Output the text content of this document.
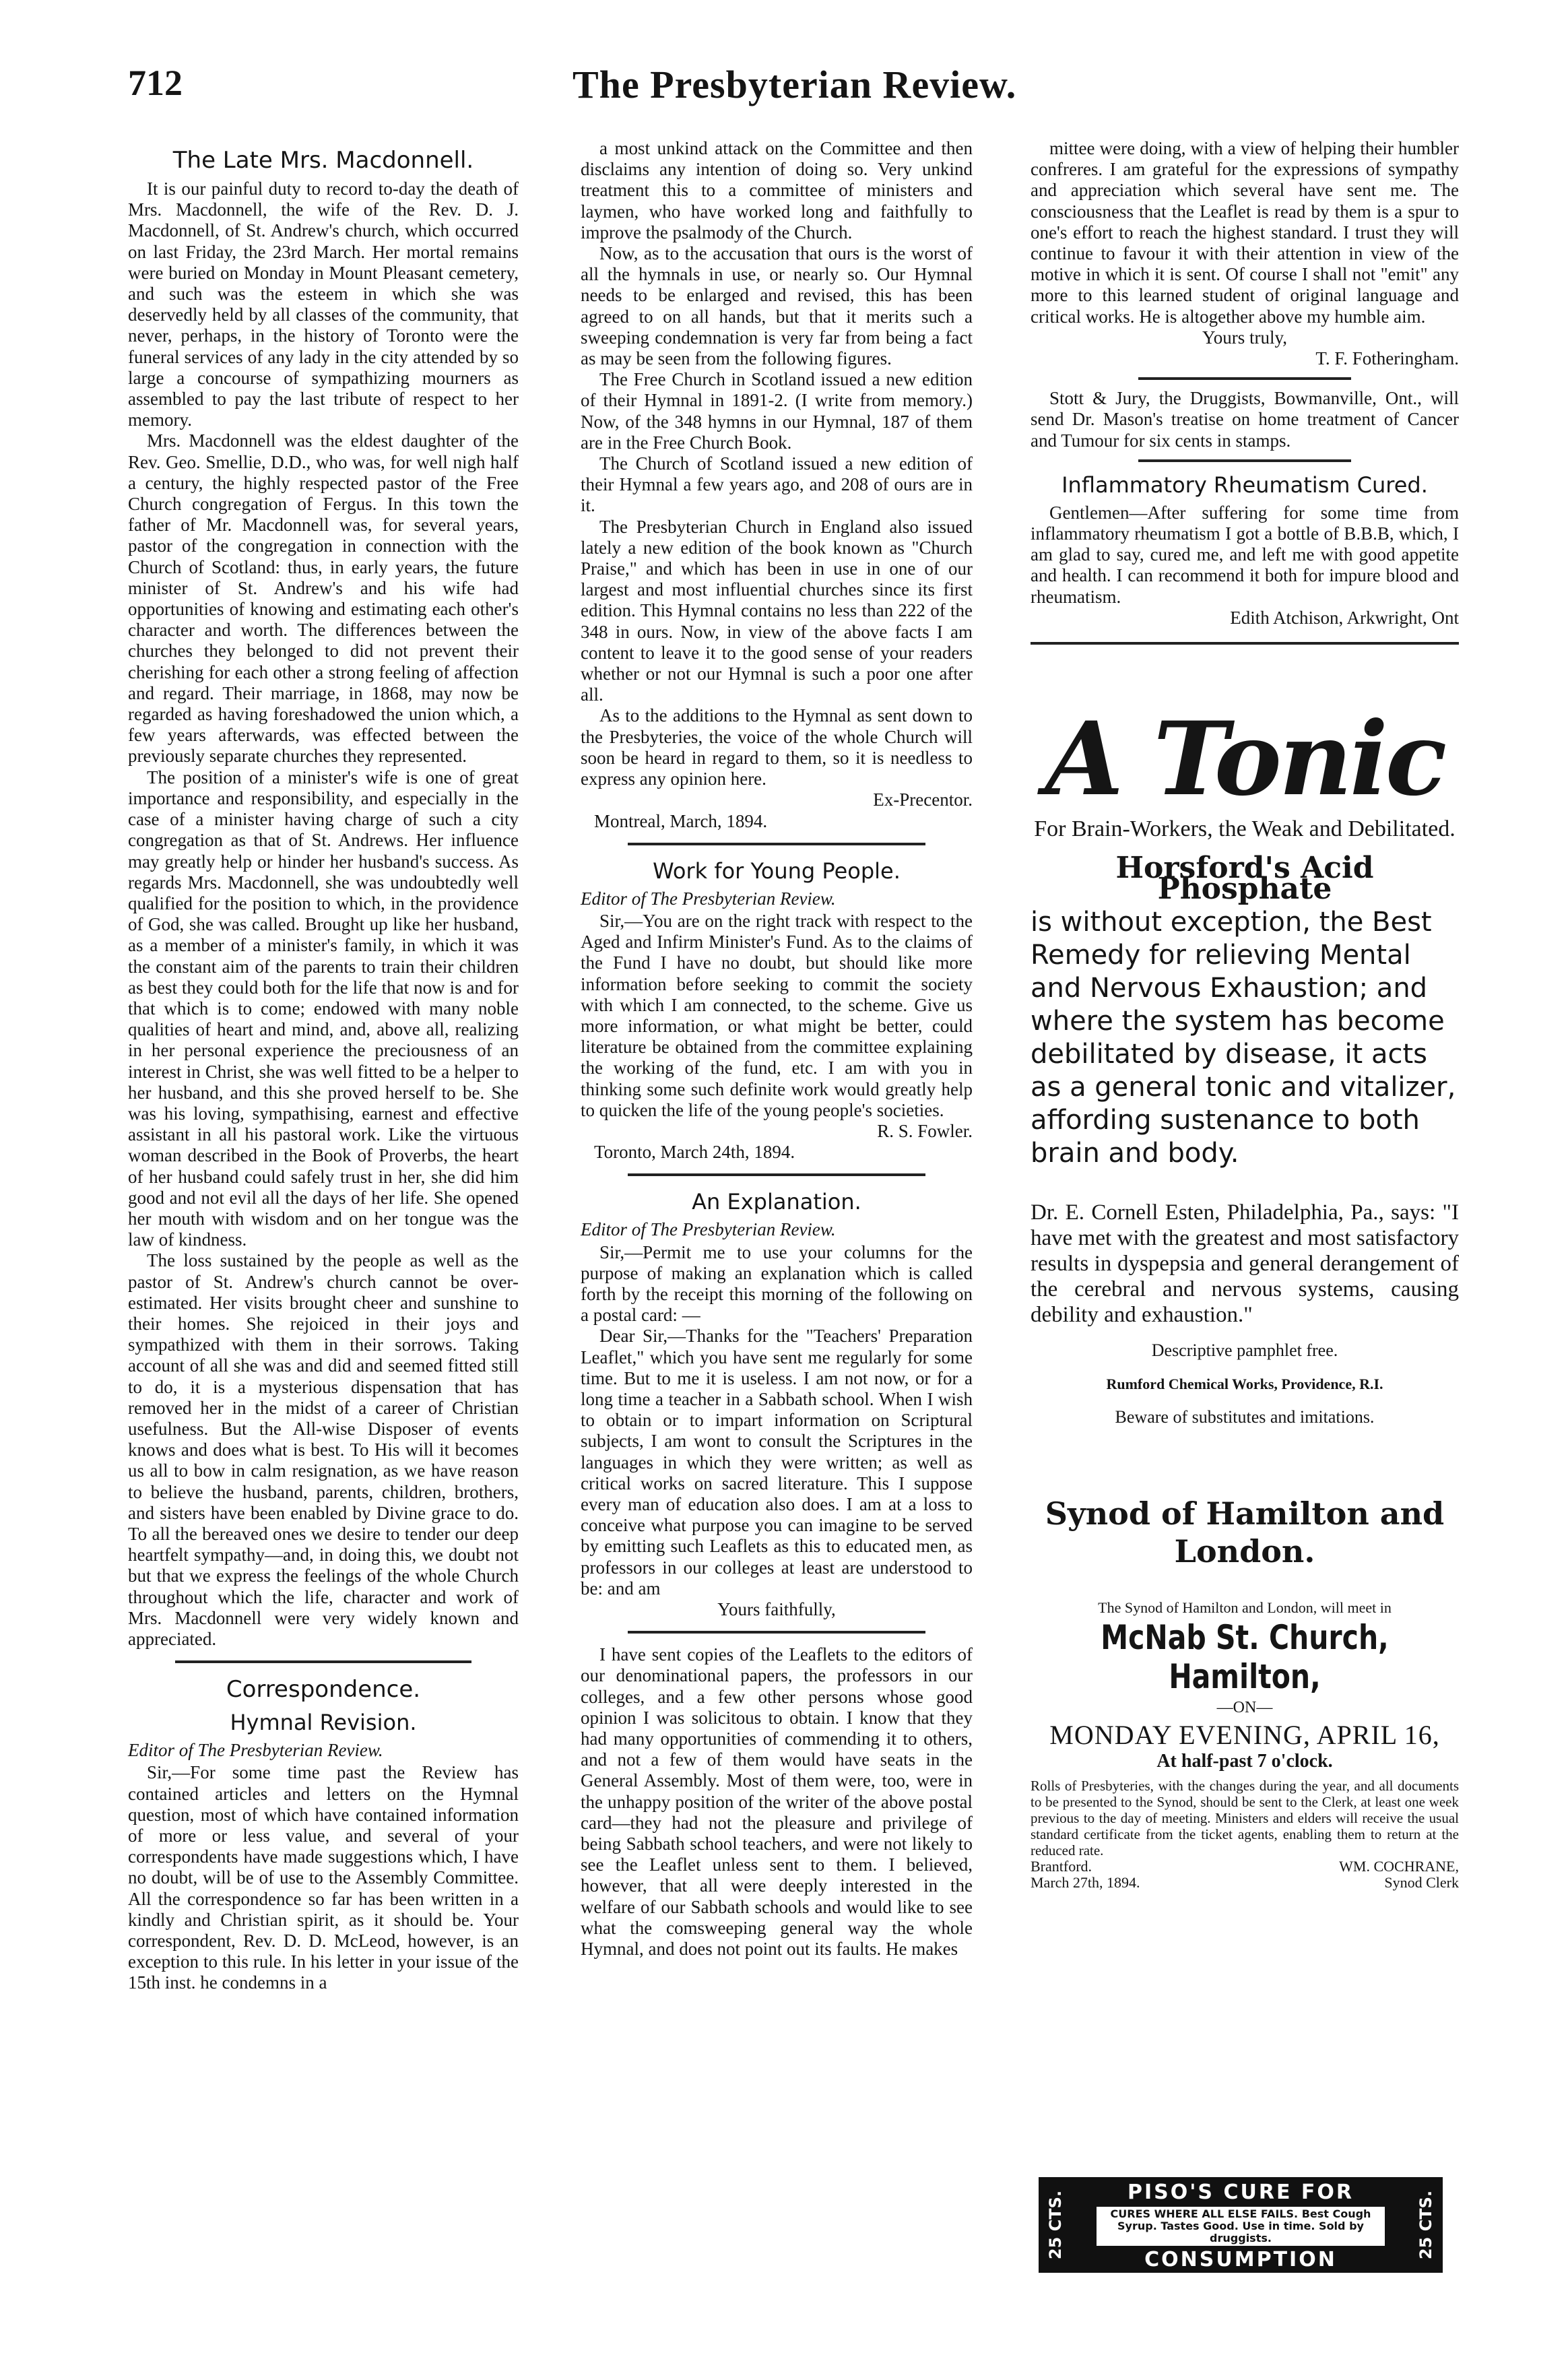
712	The Presbyterian Review.

The Late Mrs. Macdonnell.

It is our painful duty to record to-day the death of Mrs. Macdonnell, the wife of the Rev. D. J. Macdonnell, of St. Andrew's church, which occurred on last Friday, the 23rd March. Her mortal remains were buried on Monday in Mount Pleasant cemetery, and such was the esteem in which she was deservedly held by all classes of the community, that never, perhaps, in the history of Toronto were the funeral services of any lady in the city attended by so large a concourse of sympathizing mourners as assembled to pay the last tribute of respect to her memory.

Mrs. Macdonnell was the eldest daughter of the Rev. Geo. Smellie, D.D., who was, for well nigh half a century, the highly respected pastor of the Free Church congregation of Fergus. In this town the father of Mr. Macdonnell was, for several years, pastor of the congregation in connection with the Church of Scotland: thus, in early years, the future minister of St. Andrew's and his wife had opportunities of knowing and estimating each other's character and worth. The differences between the churches they belonged to did not prevent their cherishing for each other a strong feeling of affection and regard. Their marriage, in 1868, may now be regarded as having foreshadowed the union which, a few years afterwards, was effected between the previously separate churches they represented.

The position of a minister's wife is one of great importance and responsibility, and especially in the case of a minister having charge of such a city congregation as that of St. Andrews. Her influence may greatly help or hinder her husband's success. As regards Mrs. Macdonnell, she was undoubtedly well qualified for the position to which, in the providence of God, she was called. Brought up like her husband, as a member of a minister's family, in which it was the constant aim of the parents to train their children as best they could both for the life that now is and for that which is to come; endowed with many noble qualities of heart and mind, and, above all, realizing in her personal experience the preciousness of an interest in Christ, she was well fitted to be a helper to her husband, and this she proved herself to be. She was his loving, sympathising, earnest and effective assistant in all his pastoral work. Like the virtuous woman described in the Book of Proverbs, the heart of her husband could safely trust in her, she did him good and not evil all the days of her life. She opened her mouth with wisdom and on her tongue was the law of kindness.

The loss sustained by the people as well as the pastor of St. Andrew's church cannot be over-estimated. Her visits brought cheer and sunshine to their homes. She rejoiced in their joys and sympathized with them in their sorrows. Taking account of all she was and did and seemed fitted still to do, it is a mysterious dispensation that has removed her in the midst of a career of Christian usefulness. But the All-wise Disposer of events knows and does what is best. To His will it becomes us all to bow in calm resignation, as we have reason to believe the husband, parents, children, brothers, and sisters have been enabled by Divine grace to do. To all the bereaved ones we desire to tender our deep heartfelt sympathy—and, in doing this, we doubt not but that we express the feelings of the whole Church throughout which the life, character and work of Mrs. Macdonnell were very widely known and appreciated.

Correspondence.

Hymnal Revision.

Editor of The Presbyterian Review.

Sir,—For some time past the Review has contained articles and letters on the Hymnal question, most of which have contained information of more or less value, and several of your correspondents have made suggestions which, I have no doubt, will be of use to the Assembly Committee. All the correspondence so far has been written in a kindly and Christian spirit, as it should be. Your correspondent, Rev. D. D. McLeod, however, is an exception to this rule. In his letter in your issue of the 15th inst. he condemns in a

a most unkind attack on the Committee and then disclaims any intention of doing so. Very unkind treatment this to a committee of ministers and laymen, who have worked long and faithfully to improve the psalmody of the Church.

Now, as to the accusation that ours is the worst of all the hymnals in use, or nearly so. Our Hymnal needs to be enlarged and revised, this has been agreed to on all hands, but that it merits such a sweeping condemnation is very far from being a fact as may be seen from the following figures.

The Free Church in Scotland issued a new edition of their Hymnal in 1891-2. (I write from memory.) Now, of the 348 hymns in our Hymnal, 187 of them are in the Free Church Book.

The Church of Scotland issued a new edition of their Hymnal a few years ago, and 208 of ours are in it.

The Presbyterian Church in England also issued lately a new edition of the book known as "Church Praise," and which has been in use in one of our largest and most influential churches since its first edition. This Hymnal contains no less than 222 of the 348 in ours. Now, in view of the above facts I am content to leave it to the good sense of your readers whether or not our Hymnal is such a poor one after all.

As to the additions to the Hymnal as sent down to the Presbyteries, the voice of the whole Church will soon be heard in regard to them, so it is needless to express any opinion here.

Ex-Precentor.

Montreal, March, 1894.

Work for Young People.

Editor of The Presbyterian Review.

Sir,—You are on the right track with respect to the Aged and Infirm Minister's Fund. As to the claims of the Fund I have no doubt, but should like more information before seeking to commit the society with which I am connected, to the scheme. Give us more information, or what might be better, could literature be obtained from the committee explaining the working of the fund, etc. I am with you in thinking some such definite work would greatly help to quicken the life of the young people's societies.

R. S. Fowler.

Toronto, March 24th, 1894.

An Explanation.

Editor of The Presbyterian Review.

Sir,—Permit me to use your columns for the purpose of making an explanation which is called forth by the receipt this morning of the following on a postal card: —

Dear Sir,—Thanks for the "Teachers' Preparation Leaflet," which you have sent me regularly for some time. But to me it is useless. I am not now, or for a long time a teacher in a Sabbath school. When I wish to obtain or to impart information on Scriptural subjects, I am wont to consult the Scriptures in the languages in which they were written; as well as critical works on sacred literature. This I suppose every man of education also does. I am at a loss to conceive what purpose you can imagine to be served by emitting such Leaflets as this to educated men, as professors in our colleges at least are understood to be: and am

Yours faithfully,

I have sent copies of the Leaflets to the editors of our denominational papers, the professors in our colleges, and a few other persons whose good opinion I was solicitous to obtain. I know that they had many opportunities of commending it to others, and not a few of them would have seats in the General Assembly. Most of them were, too, were in the unhappy position of the writer of the above postal card—they had not the pleasure and privilege of being Sabbath school teachers, and were not likely to see the Leaflet unless sent to them. I believed, however, that all were deeply interested in the welfare of our Sabbath schools and would like to see what the comsweeping general way the whole Hymnal, and does not point out its faults. He makes

mittee were doing, with a view of helping their humbler confreres. I am grateful for the expressions of sympathy and appreciation which several have sent me. The consciousness that the Leaflet is read by them is a spur to one's effort to reach the highest standard. I trust they will continue to favour it with their attention in view of the motive in which it is sent. Of course I shall not "emit" any more to this learned student of original language and critical works. He is altogether above my humble aim.

Yours truly,

T. F. Fotheringham.

Stott & Jury, the Druggists, Bowmanville, Ont., will send Dr. Mason's treatise on home treatment of Cancer and Tumour for six cents in stamps.

Inflammatory Rheumatism Cured.

Gentlemen—After suffering for some time from inflammatory rheumatism I got a bottle of B.B.B, which, I am glad to say, cured me, and left me with good appetite and health. I can recommend it both for impure blood and rheumatism.

Edith Atchison, Arkwright, Ont

A Tonic
For Brain-Workers, the Weak and Debilitated.
Horsford's Acid Phosphate
is without exception, the Best Remedy for relieving Mental and Nervous Exhaustion; and where the system has become debilitated by disease, it acts as a general tonic and vitalizer, affording sustenance to both brain and body.
Dr. E. Cornell Esten, Philadelphia, Pa., says: "I have met with the greatest and most satisfactory results in dyspepsia and general derangement of the cerebral and nervous systems, causing debility and exhaustion."
Descriptive pamphlet free.
Rumford Chemical Works, Providence, R.I.
Beware of substitutes and imitations.
Synod of Hamilton and London.
The Synod of Hamilton and London, will meet in
McNab St. Church, Hamilton,
—ON—
MONDAY EVENING, APRIL 16,
At half-past 7 o'clock.
Rolls of Presbyteries, with the changes during the year, and all documents to be presented to the Synod, should be sent to the Clerk, at least one week previous to the day of meeting. Ministers and elders will receive the usual standard certificate from the ticket agents, enabling them to return at the reduced rate.
Brantford.	WM. COCHRANE,
March 27th, 1894.	Synod Clerk
25 CTS.	PISO'S CURE FOR
CURES WHERE ALL ELSE FAILS. Best Cough Syrup. Tastes Good. Use in time. Sold by druggists.
CONSUMPTION
25 CTS.
